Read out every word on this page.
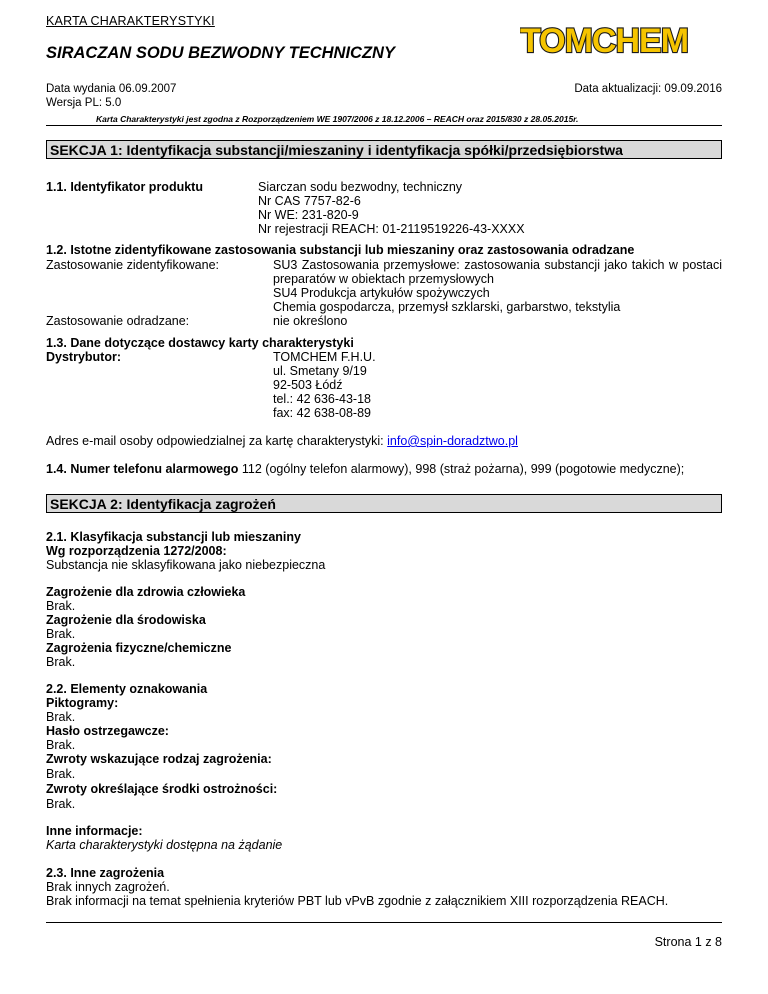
KARTA CHARAKTERYSTYKI
TOMCHEM
SIRACZAN SODU BEZWODNY TECHNICZNY
Data wydania 06.09.2007	Data aktualizacji: 09.09.2016
Wersja PL: 5.0
Karta Charakterystyki jest zgodna z Rozporządzeniem WE 1907/2006 z 18.12.2006 – REACH oraz 2015/830 z 28.05.2015r.
SEKCJA 1: Identyfikacja substancji/mieszaniny i identyfikacja spółki/przedsiębiorstwa
1.1. Identyfikator produktu	Siarczan sodu bezwodny, techniczny
Nr CAS 7757-82-6
Nr WE: 231-820-9
Nr rejestracji REACH: 01-2119519226-43-XXXX
1.2. Istotne zidentyfikowane zastosowania substancji lub mieszaniny oraz zastosowania odradzane
Zastosowanie zidentyfikowane:	SU3 Zastosowania przemysłowe: zastosowania substancji jako takich w postaci preparatów w obiektach przemysłowych
SU4 Produkcja artykułów spożywczych
Chemia gospodarcza, przemysł szklarski, garbarstwo, tekstylia
Zastosowanie odradzane:	nie określono
1.3. Dane dotyczące dostawcy karty charakterystyki
Dystrybutor:	TOMCHEM F.H.U.
ul. Smetany 9/19
92-503 Łódź
tel.: 42 636-43-18
fax: 42 638-08-89
Adres e-mail osoby odpowiedzialnej za kartę charakterystyki: info@spin-doradztwo.pl
1.4. Numer telefonu alarmowego 112 (ogólny telefon alarmowy), 998 (straż pożarna), 999 (pogotowie medyczne);
SEKCJA 2: Identyfikacja zagrożeń
2.1. Klasyfikacja substancji lub mieszaniny
Wg rozporządzenia 1272/2008:
Substancja nie sklasyfikowana jako niebezpieczna
Zagrożenie dla zdrowia człowieka
Brak.
Zagrożenie dla środowiska
Brak.
Zagrożenia fizyczne/chemiczne
Brak.
2.2. Elementy oznakowania
Piktogramy:
Brak.
Hasło ostrzegawcze:
Brak.
Zwroty wskazujące rodzaj zagrożenia:
Brak.
Zwroty określające środki ostrożności:
Brak.
Inne informacje:
Karta charakterystyki dostępna na żądanie
2.3. Inne zagrożenia
Brak innych zagrożeń.
Brak informacji na temat spełnienia kryteriów PBT lub vPvB zgodnie z załącznikiem XIII rozporządzenia REACH.
Strona 1 z 8
